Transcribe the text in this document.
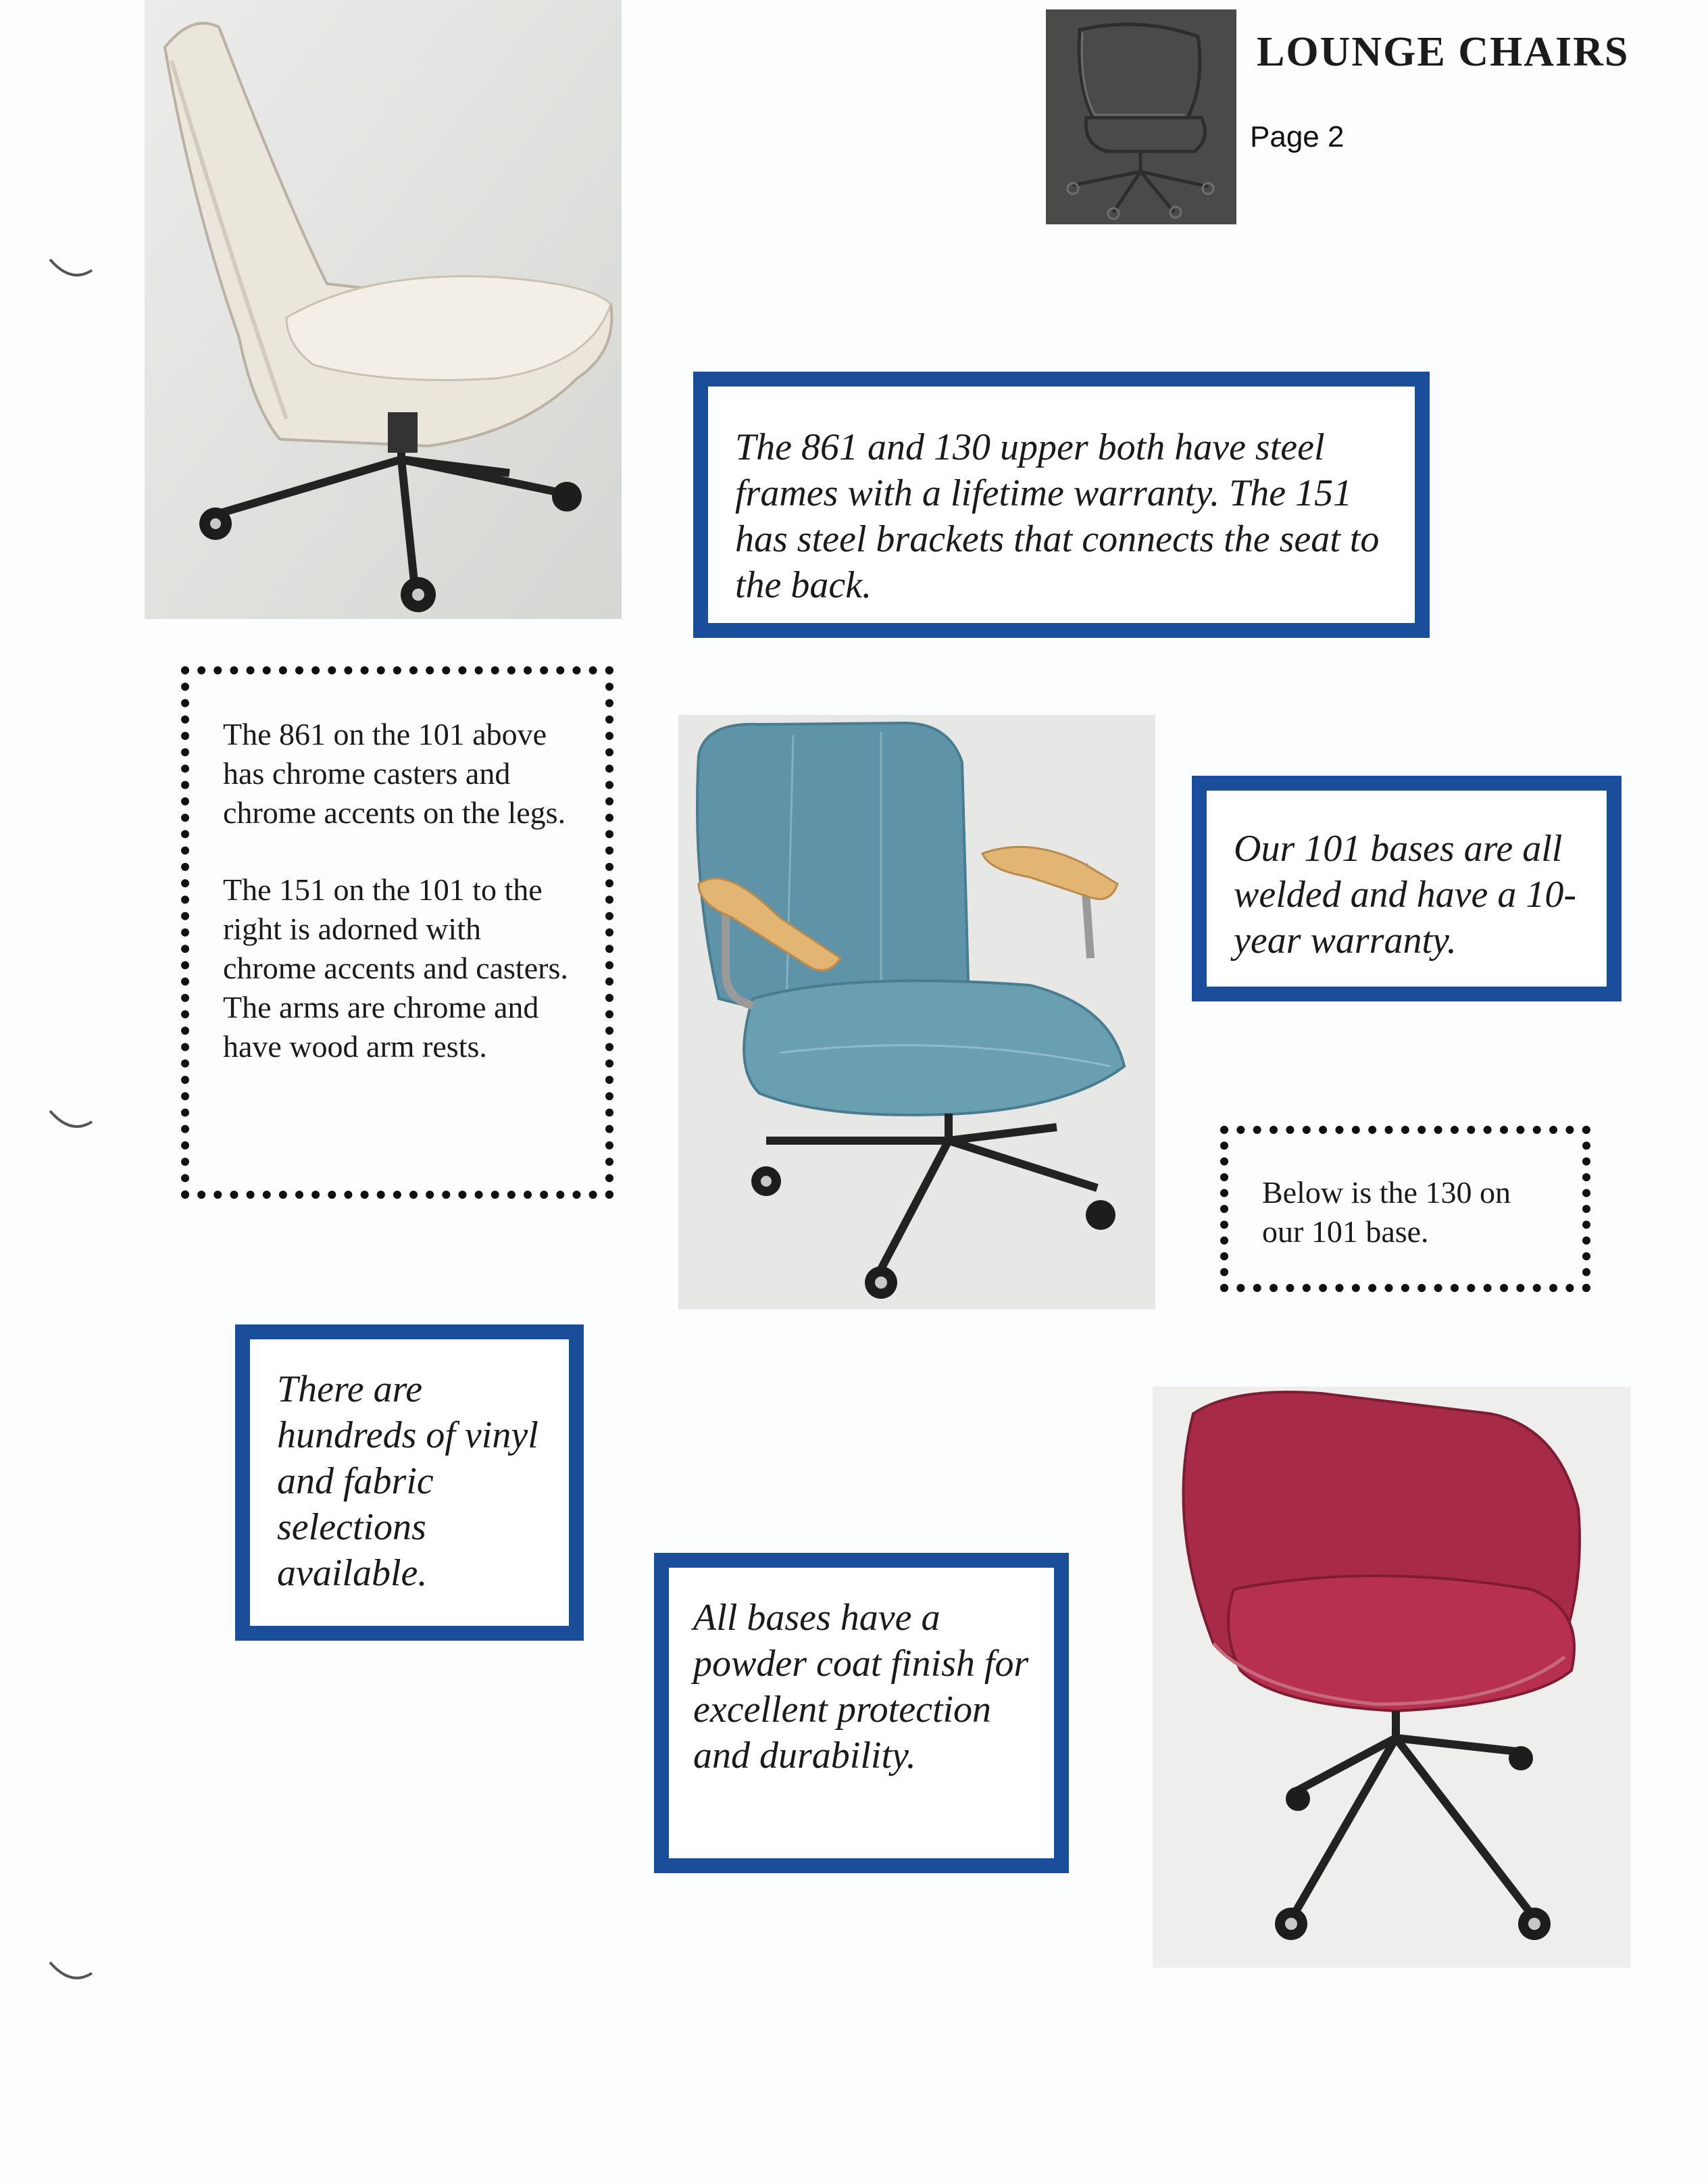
LOUNGE CHAIRS
Page 2
The 861 and 130 upper both have steel frames with a lifetime warranty. The 151 has steel brackets that connects the seat to the back.

The 861 on the 101 above has chrome casters and chrome accents on the legs.

The 151 on the 101 to the right is adorned with chrome accents and casters. The arms are chrome and have wood arm rests.

Our 101 bases are all welded and have a 10-year warranty.

Below is the 130 on our 101 base.

There are hundreds of vinyl and fabric selections available.
All bases have a powder coat finish for excellent protection and durability.
